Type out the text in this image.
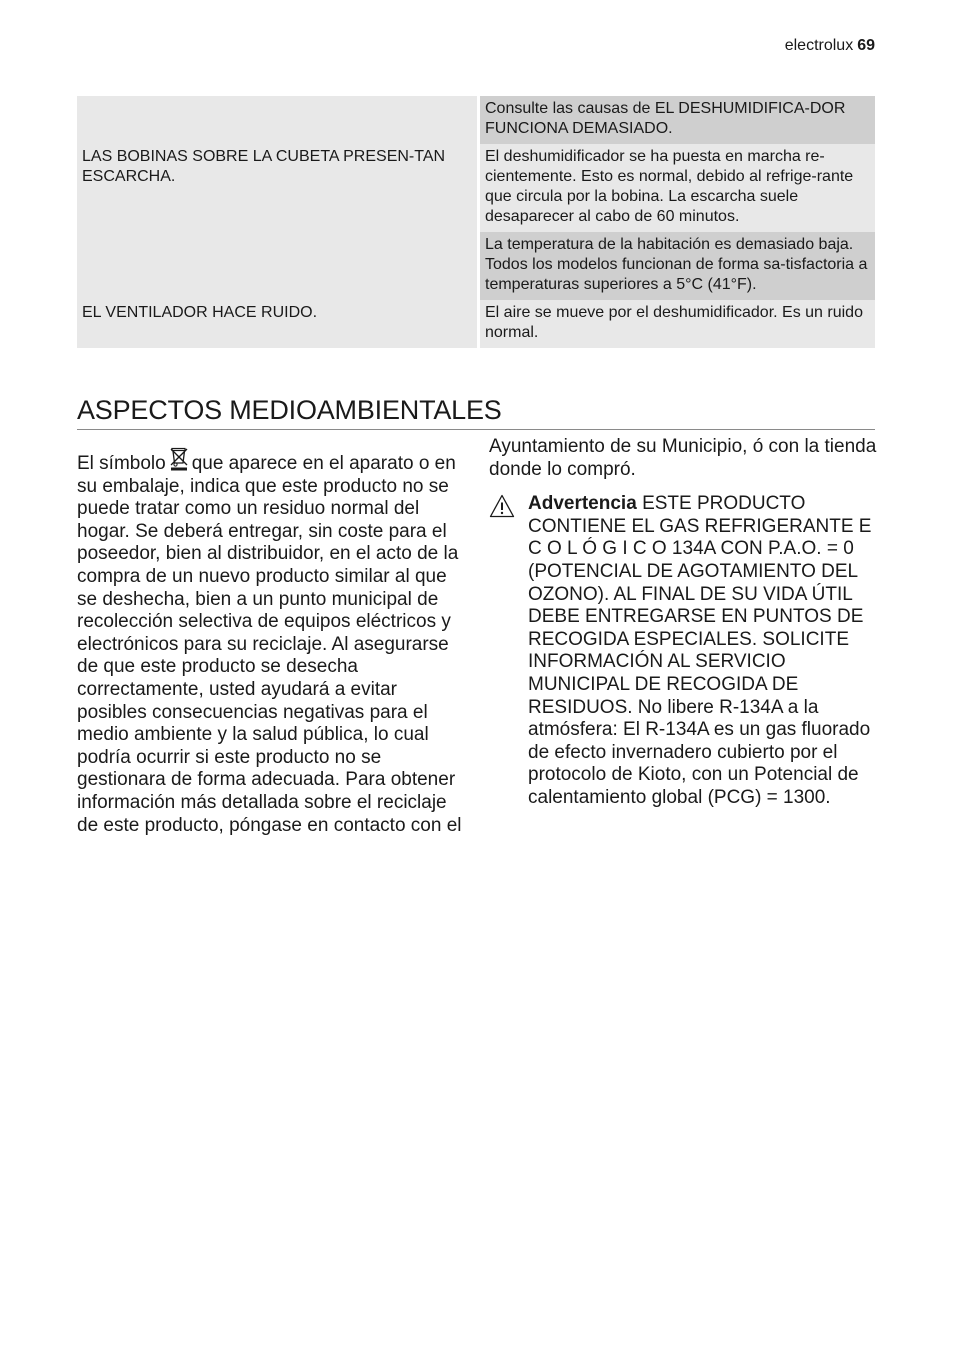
electrolux 69
	Consulte las causas de EL DESHUMIDIFICA-DOR FUNCIONA DEMASIADO.
LAS BOBINAS SOBRE LA CUBETA PRESEN-TAN ESCARCHA.	El deshumidificador se ha puesta en marcha re-cientemente. Esto es normal, debido al refrige-rante que circula por la bobina. La escarcha suele desaparecer al cabo de 60 minutos.
	La temperatura de la habitación es demasiado baja. Todos los modelos funcionan de forma sa-tisfactoria a temperaturas superiores a 5°C (41°F).
EL VENTILADOR HACE RUIDO.	El aire se mueve por el deshumidificador. Es un ruido normal.
ASPECTOS MEDIOAMBIENTALES

El símbolo que aparece en el aparato o en su embalaje, indica que este producto no se puede tratar como un residuo normal del hogar. Se deberá entregar, sin coste para el poseedor, bien al distribuidor, en el acto de la compra de un nuevo producto similar al que se deshecha, bien a un punto municipal de recolección selectiva de equipos eléctricos y electrónicos para su reciclaje. Al asegurarse de que este producto se desecha correctamente, usted ayudará a evitar posibles consecuencias negativas para el medio ambiente y la salud pública, lo cual podría ocurrir si este producto no se gestionara de forma adecuada. Para obtener información más detallada sobre el reciclaje de este producto, póngase en contacto con el

Ayuntamiento de su Municipio, ó con la tienda donde lo compró.

Advertencia ESTE PRODUCTO CONTIENE EL GAS REFRIGERANTE E C O L Ó G I C O 134A CON P.A.O. = 0 (POTENCIAL DE AGOTAMIENTO DEL OZONO). AL FINAL DE SU VIDA ÚTIL DEBE ENTREGARSE EN PUNTOS DE RECOGIDA ESPECIALES. SOLICITE INFORMACIÓN AL SERVICIO MUNICIPAL DE RECOGIDA DE RESIDUOS. No libere R-134A a la atmósfera: El R-134A es un gas fluorado de efecto invernadero cubierto por el protocolo de Kioto, con un Potencial de calentamiento global (PCG) = 1300.
